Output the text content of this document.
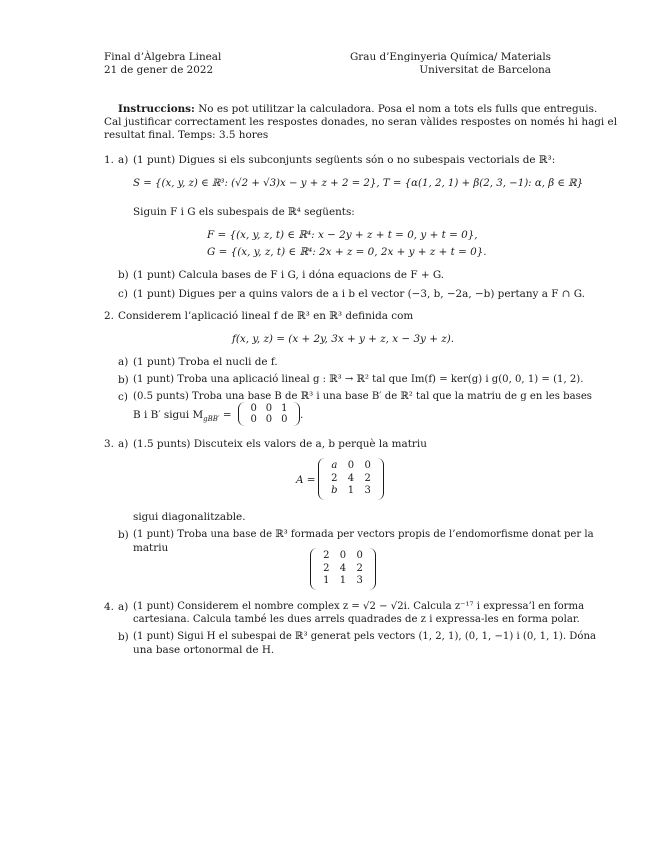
Final d’Àlgebra Lineal
21 de gener de 2022
Grau d’Enginyeria Química/ Materials
Universitat de Barcelona
Instruccions: No es pot utilitzar la calculadora. Posa el nom a tots els fulls que entreguis.
Cal justificar correctament les respostes donades, no seran vàlides respostes on només hi hagi el
resultat final. Temps: 3.5 hores
1. a) (1 punt) Digues si els subconjunts següents són o no subespais vectorials de ℝ³:
S = {(x, y, z) ∈ ℝ³: (√2 + √3)x − y + z + 2 = 2}, T = {α(1, 2, 1) + β(2, 3, −1): α, β ∈ ℝ}
Siguin F i G els subespais de ℝ⁴ següents:
F = {(x, y, z, t) ∈ ℝ⁴: x − 2y + z + t = 0, y + t = 0},
G = {(x, y, z, t) ∈ ℝ⁴: 2x + z = 0, 2x + y + z + t = 0}.
b) (1 punt) Calcula bases de F i G, i dóna equacions de F + G.
c) (1 punt) Digues per a quins valors de a i b el vector (−3, b, −2a, −b) pertany a F ∩ G.
2. Considerem l’aplicació lineal f de ℝ³ en ℝ³ definida com
f(x, y, z) = (x + 2y, 3x + y + z, x − 3y + z).
a) (1 punt) Troba el nucli de f.
b) (1 punt) Troba una aplicació lineal g : ℝ³ → ℝ² tal que Im(f) = ker(g) i g(0, 0, 1) = (1, 2).
c) (0.5 punts) Troba una base B de ℝ³ i una base B′ de ℝ² tal que la matriu de g en les bases
B i B′ sigui $M_{gBB'}$ =
0 0 1
0 0 0	.
3. a) (1.5 punts) Discuteix els valors de a, b perquè la matriu
A =
a	0	0
2	4	2
b	1	3
sigui diagonalitzable.
b) (1 punt) Troba una base de ℝ³ formada per vectors propis de l’endomorfisme donat per la
matriu
2	0	0
2	4	2
1	1	3
4. a) (1 punt) Considerem el nombre complex z = √2 − √2i. Calcula z⁻¹⁷ i expressa’l en forma
cartesiana. Calcula també les dues arrels quadrades de z i expressa-les en forma polar.
b) (1 punt) Sigui H el subespai de ℝ³ generat pels vectors (1, 2, 1), (0, 1, −1) i (0, 1, 1). Dóna
una base ortonormal de H.
